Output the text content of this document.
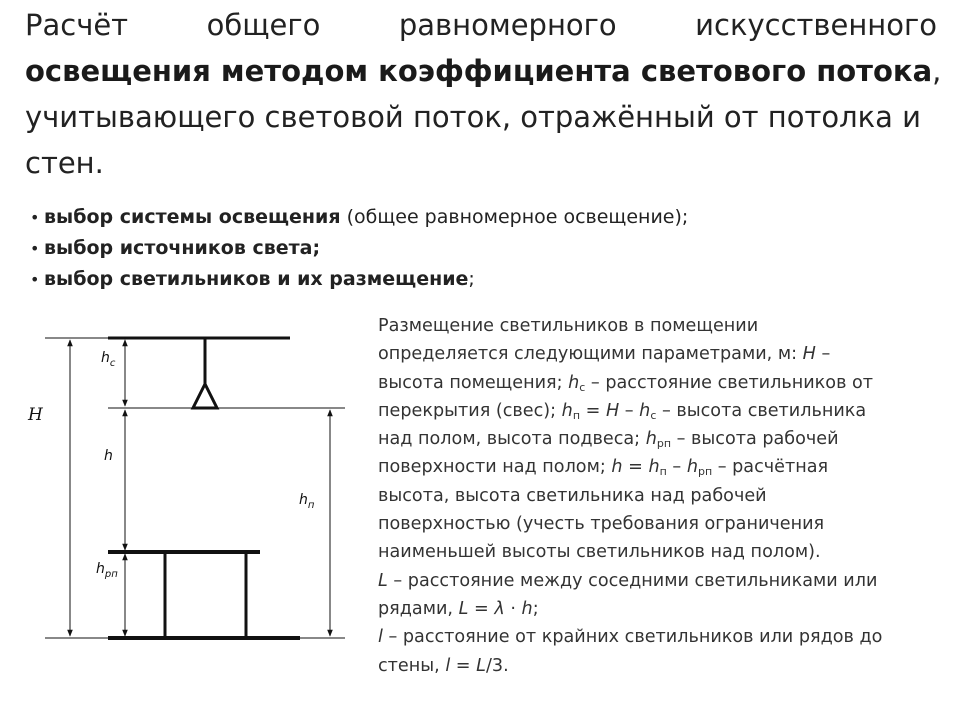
Расчёт общего равномерного искусственного
освещения методом коэффициента светового потока,
учитывающего световой поток, отражённый от потолка и
стен.
• выбор системы освещения (общее равномерное освещение);
• выбор источников света;
• выбор светильников и их размещение;
H
$h_с$
h
$h_п$
$h_{рп}$

Размещение светильников в помещении

определяется следующими параметрами, м: H –

высота помещения; $h_с$ – расстояние светильников от

перекрытия (свес); $h_п = H - h_с$ – высота светильника

над полом, высота подвеса; $h_{рп}$ – высота рабочей

поверхности над полом; $h = h_п - h_{рп}$ – расчётная

высота, высота светильника над рабочей

поверхностью (учесть требования ограничения

наименьшей высоты светильников над полом).

L – расстояние между соседними светильниками или

рядами, L = λ · h;

l – расстояние от крайних светильников или рядов до

стены, l = L/3.
